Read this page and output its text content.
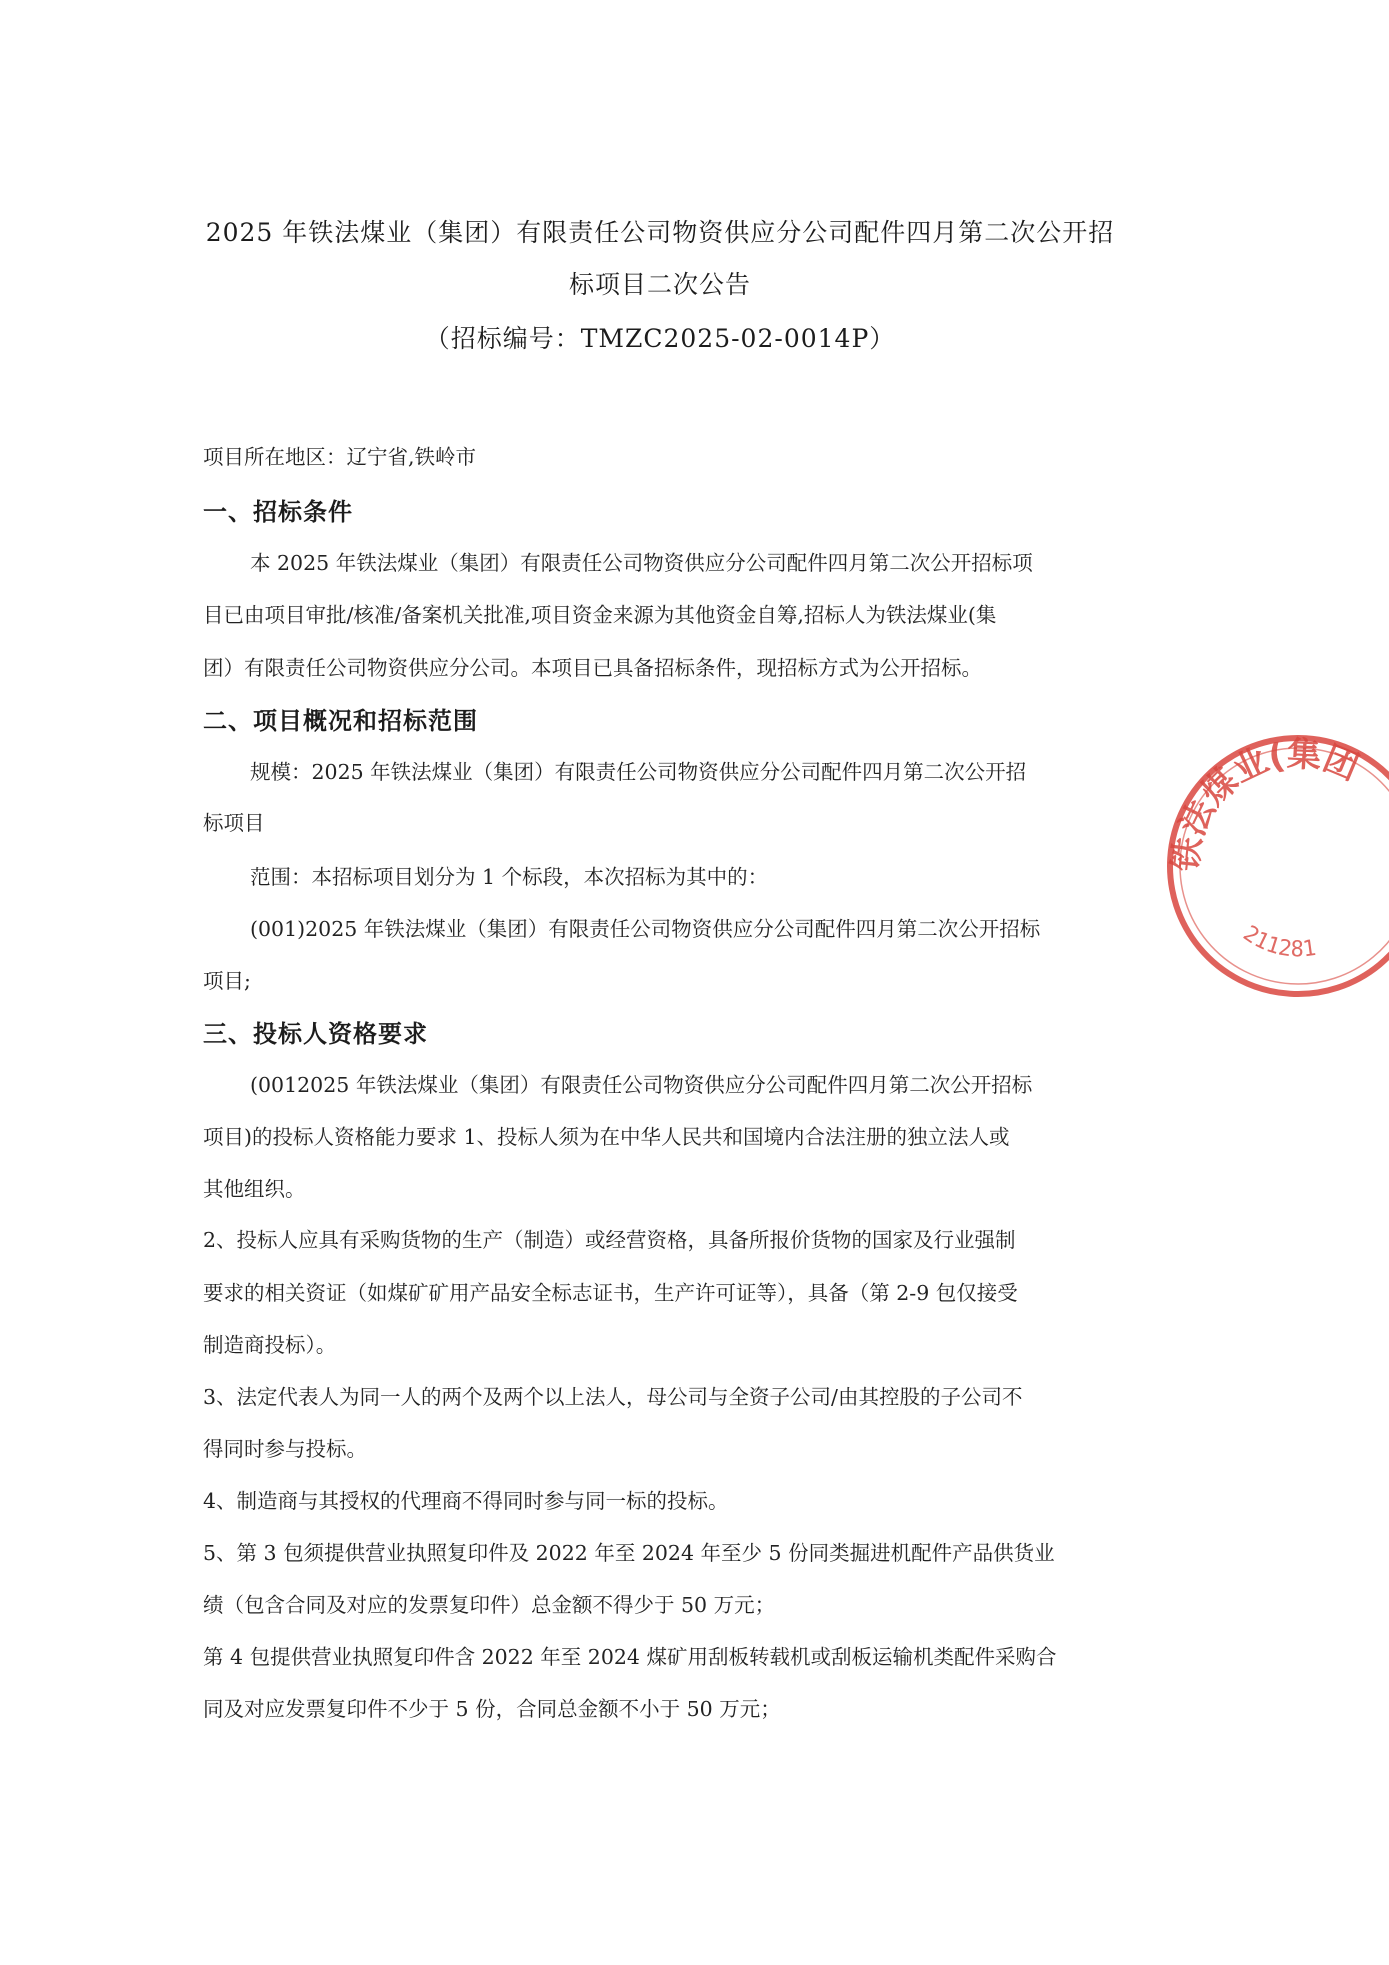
2025 年铁法煤业（集团）有限责任公司物资供应分公司配件四月第二次公开招
标项目二次公告
（招标编号：TMZC2025-02-0014P）
项目所在地区：辽宁省,铁岭市
一、招标条件
本 2025 年铁法煤业（集团）有限责任公司物资供应分公司配件四月第二次公开招标项
目已由项目审批/核准/备案机关批准,项目资金来源为其他资金自筹,招标人为铁法煤业(集
团）有限责任公司物资供应分公司。本项目已具备招标条件，现招标方式为公开招标。
二、项目概况和招标范围
规模：2025 年铁法煤业（集团）有限责任公司物资供应分公司配件四月第二次公开招
标项目
范围：本招标项目划分为 1 个标段，本次招标为其中的：
(001)2025 年铁法煤业（集团）有限责任公司物资供应分公司配件四月第二次公开招标
项目;
三、投标人资格要求
(0012025 年铁法煤业（集团）有限责任公司物资供应分公司配件四月第二次公开招标
项目)的投标人资格能力要求 1、投标人须为在中华人民共和国境内合法注册的独立法人或
其他组织。
2、投标人应具有采购货物的生产（制造）或经营资格，具备所报价货物的国家及行业强制
要求的相关资证（如煤矿矿用产品安全标志证书，生产许可证等），具备（第 2-9 包仅接受
制造商投标）。
3、法定代表人为同一人的两个及两个以上法人，母公司与全资子公司/由其控股的子公司不
得同时参与投标。
4、制造商与其授权的代理商不得同时参与同一标的投标。
5、第 3 包须提供营业执照复印件及 2022 年至 2024 年至少 5 份同类掘进机配件产品供货业
绩（包含合同及对应的发票复印件）总金额不得少于 50 万元；
第 4 包提供营业执照复印件含 2022 年至 2024 煤矿用刮板转载机或刮板运输机类配件采购合
同及对应发票复印件不少于 5 份，合同总金额不小于 50 万元；
铁法煤业(集团
211281
